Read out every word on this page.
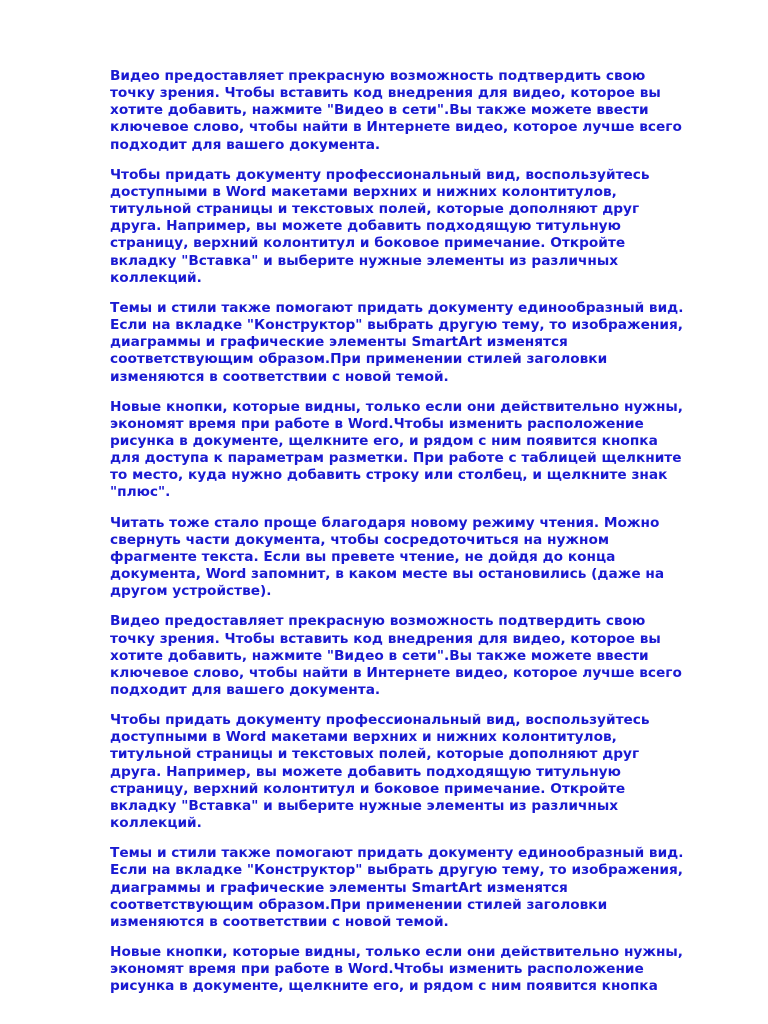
Видео предоставляет прекрасную возможность подтвердить свою
точку зрения. Чтобы вставить код внедрения для видео, которое вы
хотите добавить, нажмите "Видео в сети".Вы также можете ввести
ключевое слово, чтобы найти в Интернете видео, которое лучше всего
подходит для вашего документа.

Чтобы придать документу профессиональный вид, воспользуйтесь
доступными в Word макетами верхних и нижних колонтитулов,
титульной страницы и текстовых полей, которые дополняют друг
друга. Например, вы можете добавить подходящую титульную
страницу, верхний колонтитул и боковое примечание. Откройте
вкладку "Вставка" и выберите нужные элементы из различных
коллекций.

Темы и стили также помогают придать документу единообразный вид.
Если на вкладке "Конструктор" выбрать другую тему, то изображения,
диаграммы и графические элементы SmartArt изменятся
соответствующим образом.При применении стилей заголовки
изменяются в соответствии с новой темой.

Новые кнопки, которые видны, только если они действительно нужны,
экономят время при работе в Word.Чтобы изменить расположение
рисунка в документе, щелкните его, и рядом с ним появится кнопка
для доступа к параметрам разметки. При работе с таблицей щелкните
то место, куда нужно добавить строку или столбец, и щелкните знак
"плюс".

Читать тоже стало проще благодаря новому режиму чтения. Можно
свернуть части документа, чтобы сосредоточиться на нужном
фрагменте текста. Если вы превете чтение, не дойдя до конца
документа, Word запомнит, в каком месте вы остановились (даже на
другом устройстве).

Видео предоставляет прекрасную возможность подтвердить свою
точку зрения. Чтобы вставить код внедрения для видео, которое вы
хотите добавить, нажмите "Видео в сети".Вы также можете ввести
ключевое слово, чтобы найти в Интернете видео, которое лучше всего
подходит для вашего документа.

Чтобы придать документу профессиональный вид, воспользуйтесь
доступными в Word макетами верхних и нижних колонтитулов,
титульной страницы и текстовых полей, которые дополняют друг
друга. Например, вы можете добавить подходящую титульную
страницу, верхний колонтитул и боковое примечание. Откройте
вкладку "Вставка" и выберите нужные элементы из различных
коллекций.

Темы и стили также помогают придать документу единообразный вид.
Если на вкладке "Конструктор" выбрать другую тему, то изображения,
диаграммы и графические элементы SmartArt изменятся
соответствующим образом.При применении стилей заголовки
изменяются в соответствии с новой темой.

Новые кнопки, которые видны, только если они действительно нужны,
экономят время при работе в Word.Чтобы изменить расположение
рисунка в документе, щелкните его, и рядом с ним появится кнопка
